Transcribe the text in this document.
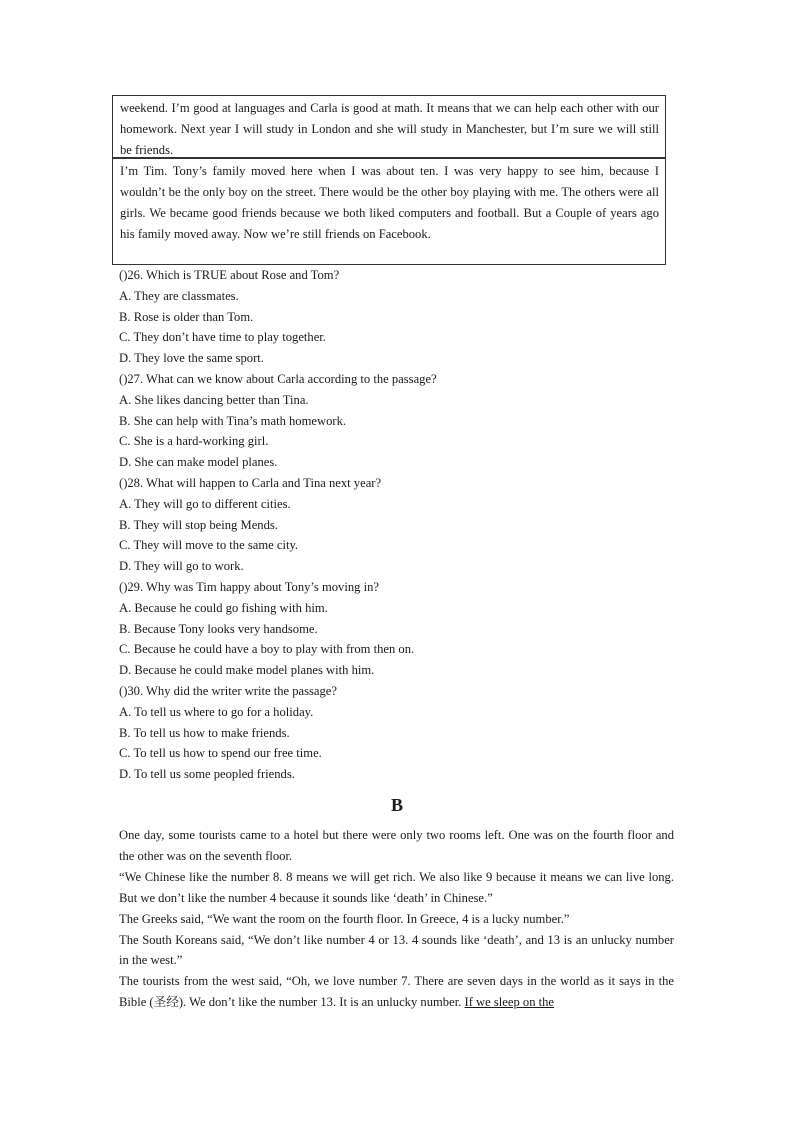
weekend. I’m good at languages and Carla is good at math. It means that we can help each other with our homework. Next year I will study in London and she will study in Manchester, but I’m sure we will still be friends.
I’m Tim. Tony’s family moved here when I was about ten. I was very happy to see him, because I wouldn’t be the only boy on the street. There would be the other boy playing with me. The others were all girls. We became good friends because we both liked computers and football. But a Couple of years ago his family moved away. Now we’re still friends on Facebook.
()26. Which is TRUE about Rose and Tom?
A. They are classmates.
B. Rose is older than Tom.
C. They don’t have time to play together.
D. They love the same sport.
()27. What can we know about Carla according to the passage?
A. She likes dancing better than Tina.
B. She can help with Tina’s math homework.
C. She is a hard-working girl.
D. She can make model planes.
()28. What will happen to Carla and Tina next year?
A. They will go to different cities.
B. They will stop being Mends.
C. They will move to the same city.
D. They will go to work.
()29. Why was Tim happy about Tony’s moving in?
A. Because he could go fishing with him.
B. Because Tony looks very handsome.
C. Because he could have a boy to play with from then on.
D. Because he could make model planes with him.
()30. Why did the writer write the passage?
A. To tell us where to go for a holiday.
B. To tell us how to make friends.
C. To tell us how to spend our free time.
D. To tell us some peopled friends.
B

One day, some tourists came to a hotel but there were only two rooms left. One was on the fourth floor and the other was on the seventh floor.

“We Chinese like the number 8. 8 means we will get rich. We also like 9 because it means we can live long. But we don’t like the number 4 because it sounds like ‘death’ in Chinese.”

The Greeks said, “We want the room on the fourth floor. In Greece, 4 is a lucky number.”

The South Koreans said, “We don’t like number 4 or 13. 4 sounds like ‘death’, and 13 is an unlucky number in the west.”

The tourists from the west said, “Oh, we love number 7. There are seven days in the world as it says in the Bible (圣经). We don’t like the number 13. It is an unlucky number. If we sleep on the
